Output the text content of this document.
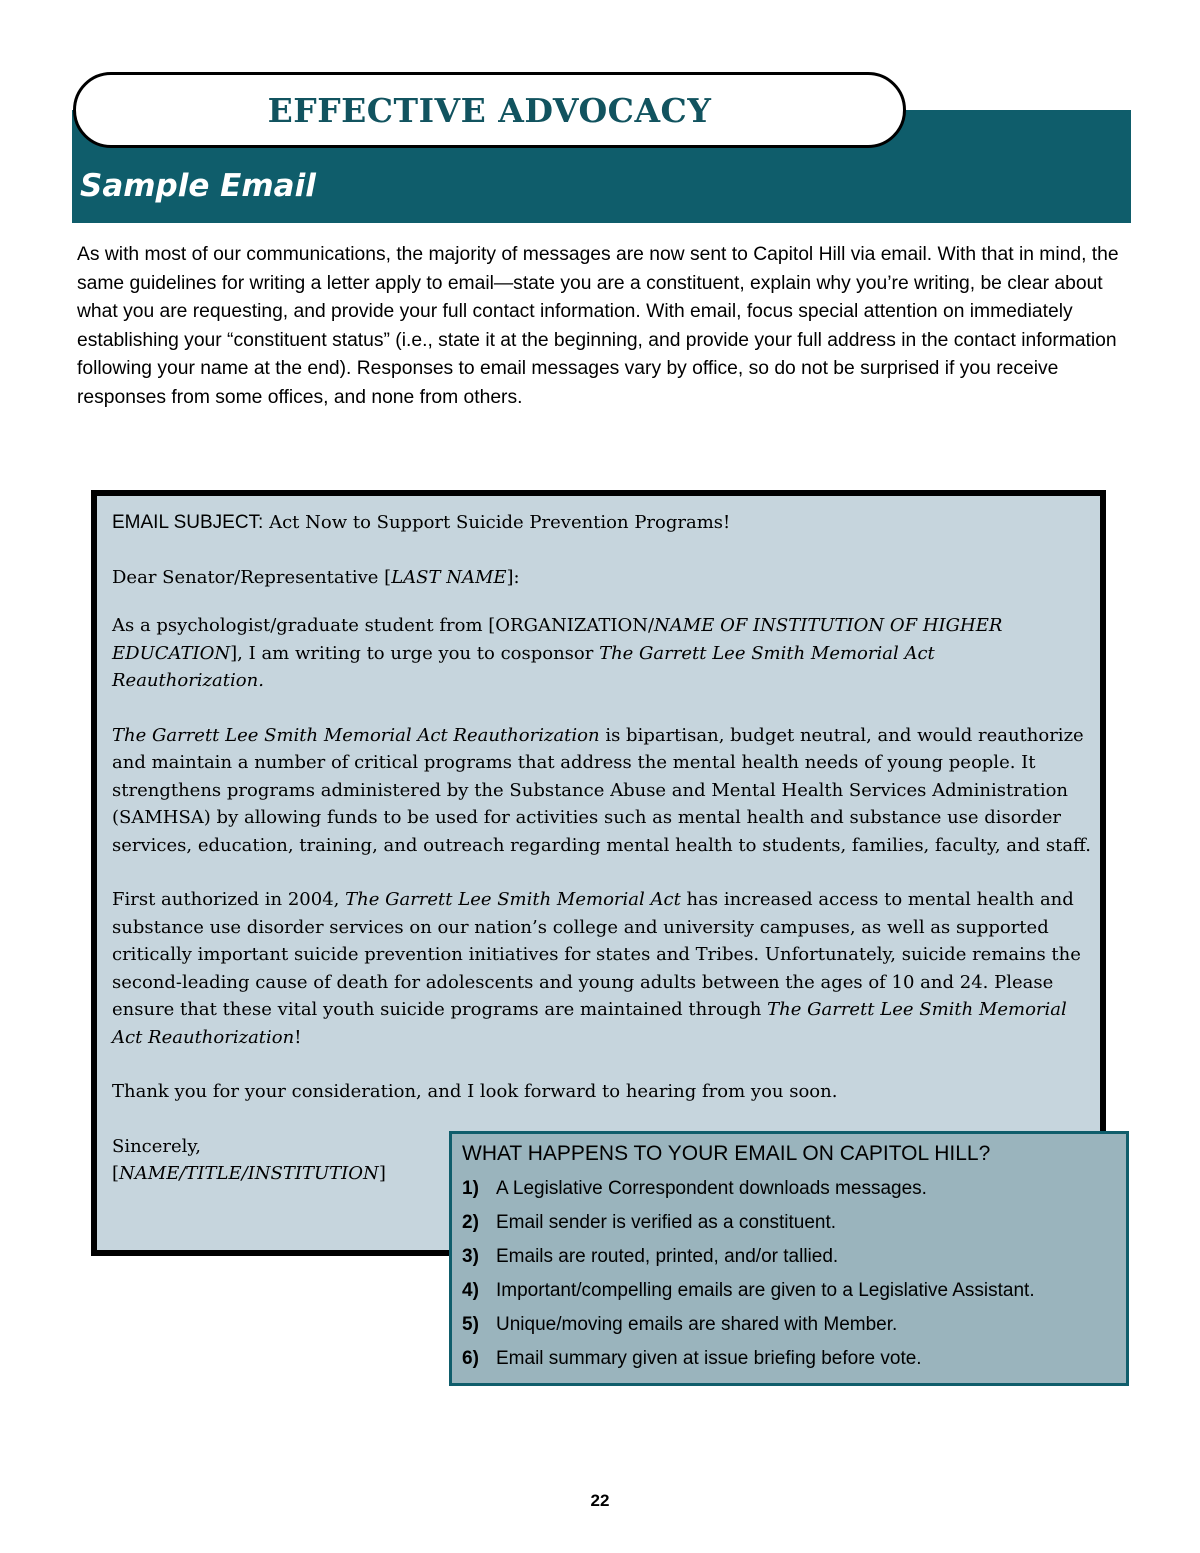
EFFECTIVE ADVOCACY
Sample Email
As with most of our communications, the majority of messages are now sent to Capitol Hill via email. With that in mind, the same guidelines for writing a letter apply to email—state you are a constituent, explain why you’re writing, be clear about what you are requesting, and provide your full contact information. With email, focus special attention on immediately establishing your “constituent status” (i.e., state it at the beginning, and provide your full address in the contact information following your name at the end). Responses to email messages vary by office, so do not be surprised if you receive responses from some offices, and none from others.

EMAIL SUBJECT: Act Now to Support Suicide Prevention Programs!

Dear Senator/Representative [LAST NAME]:

As a psychologist/graduate student from [ORGANIZATION/NAME OF INSTITUTION OF HIGHER EDUCATION], I am writing to urge you to cosponsor The Garrett Lee Smith Memorial Act Reauthorization.

The Garrett Lee Smith Memorial Act Reauthorization is bipartisan, budget neutral, and would reauthorize and maintain a number of critical programs that address the mental health needs of young people. It strengthens programs administered by the Substance Abuse and Mental Health Services Administration (SAMHSA) by allowing funds to be used for activities such as mental health and substance use disorder services, education, training, and outreach regarding mental health to students, families, faculty, and staff.

First authorized in 2004, The Garrett Lee Smith Memorial Act has increased access to mental health and substance use disorder services on our nation’s college and university campuses, as well as supported critically important suicide prevention initiatives for states and Tribes. Unfortunately, suicide remains the second-leading cause of death for adolescents and young adults between the ages of 10 and 24. Please ensure that these vital youth suicide programs are maintained through The Garrett Lee Smith Memorial Act Reauthorization!

Thank you for your consideration, and I look forward to hearing from you soon.

Sincerely,

[NAME/TITLE/INSTITUTION]

WHAT HAPPENS TO YOUR EMAIL ON CAPITOL HILL?
1) A Legislative Correspondent downloads messages.
2) Email sender is verified as a constituent.
3) Emails are routed, printed, and/or tallied.
4) Important/compelling emails are given to a Legislative Assistant.
5) Unique/moving emails are shared with Member.
6) Email summary given at issue briefing before vote.
22
